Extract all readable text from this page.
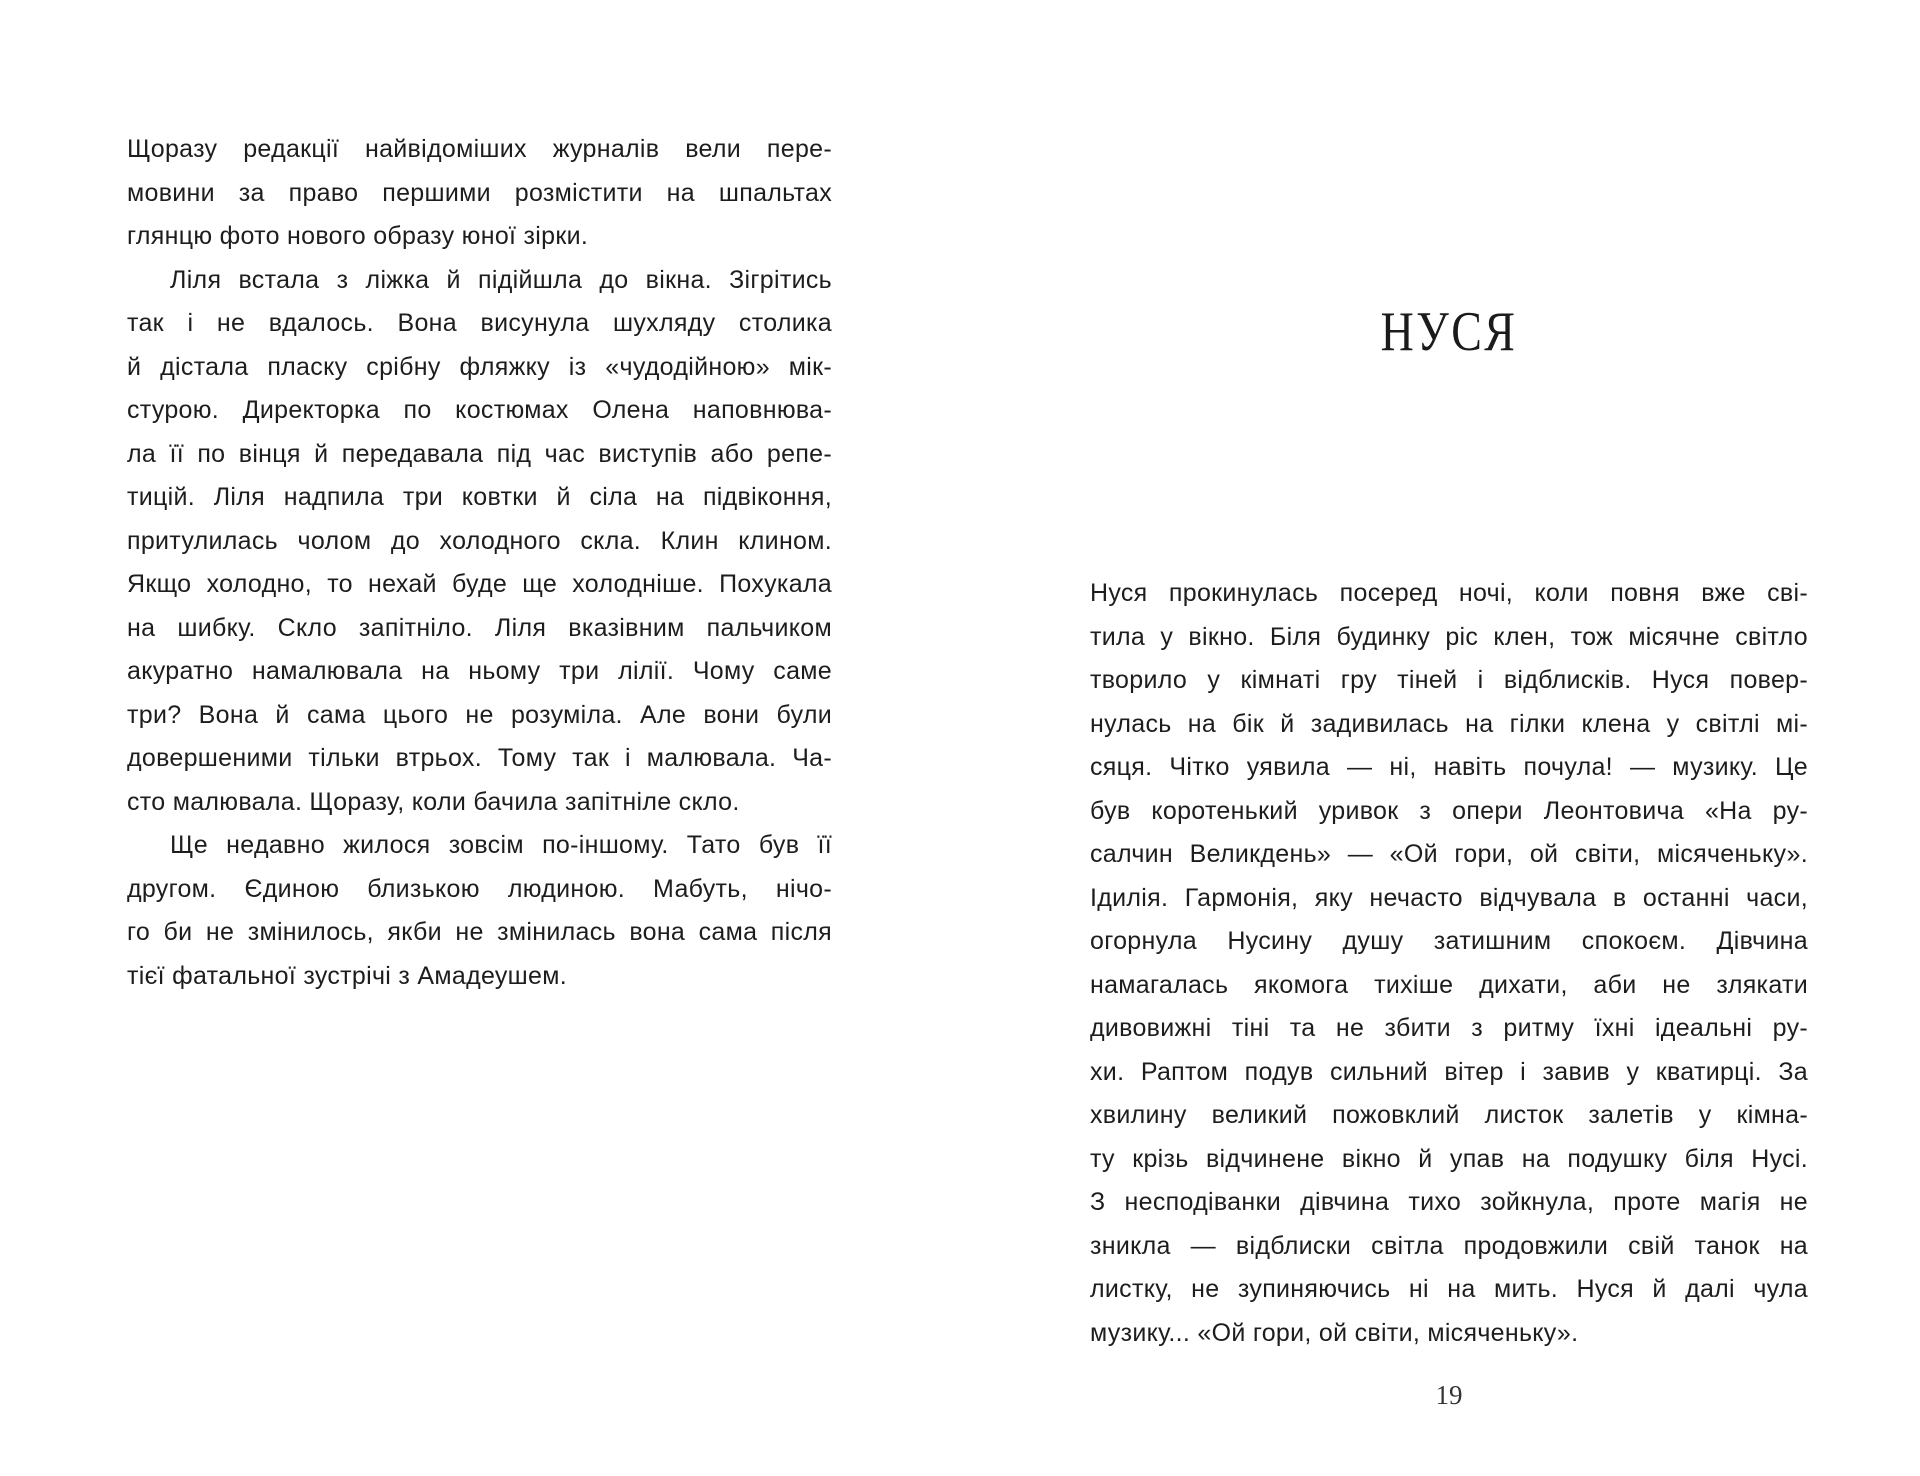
Щоразу редакції найвідоміших журналів вели пере-
мовини за право першими розмістити на шпальтах
глянцю фото нового образу юної зірки.
Ліля встала з ліжка й підійшла до вікна. Зігрітись
так і не вдалось. Вона висунула шухляду столика
й дістала пласку срібну фляжку із «чудодійною» мік-
стурою. Директорка по костюмах Олена наповнюва-
ла її по вінця й передавала під час виступів або репе-
тицій. Ліля надпила три ковтки й сіла на підвіконня,
притулилась чолом до холодного скла. Клин клином.
Якщо холодно, то нехай буде ще холодніше. Похукала
на шибку. Скло запітніло. Ліля вказівним пальчиком
акуратно намалювала на ньому три лілії. Чому саме
три? Вона й сама цього не розуміла. Але вони були
довершеними тільки втрьох. Тому так і малювала. Ча-
сто малювала. Щоразу, коли бачила запітніле скло.
Ще недавно жилося зовсім по-іншому. Тато був її
другом. Єдиною близькою людиною. Мабуть, нічо-
го би не змінилось, якби не змінилась вона сама після
тієї фатальної зустрічі з Амадеушем.
НУСЯ
Нуся прокинулась посеред ночі, коли повня вже сві-
тила у вікно. Біля будинку ріс клен, тож місячне світло
творило у кімнаті гру тіней і відблисків. Нуся повер-
нулась на бік й задивилась на гілки клена у світлі мі-
сяця. Чітко уявила — ні, навіть почула! — музику. Це
був коротенький уривок з опери Леонтовича «На ру-
салчин Великдень» — «Ой гори, ой світи, місяченьку».
Ідилія. Гармонія, яку нечасто відчувала в останні часи,
огорнула Нусину душу затишним спокоєм. Дівчина
намагалась якомога тихіше дихати, аби не злякати
дивовижні тіні та не збити з ритму їхні ідеальні ру-
хи. Раптом подув сильний вітер і завив у кватирці. За
хвилину великий пожовклий листок залетів у кімна-
ту крізь відчинене вікно й упав на подушку біля Нусі.
З несподіванки дівчина тихо зойкнула, проте магія не
зникла — відблиски світла продовжили свій танок на
листку, не зупиняючись ні на мить. Нуся й далі чула
музику... «Ой гори, ой світи, місяченьку».
19
